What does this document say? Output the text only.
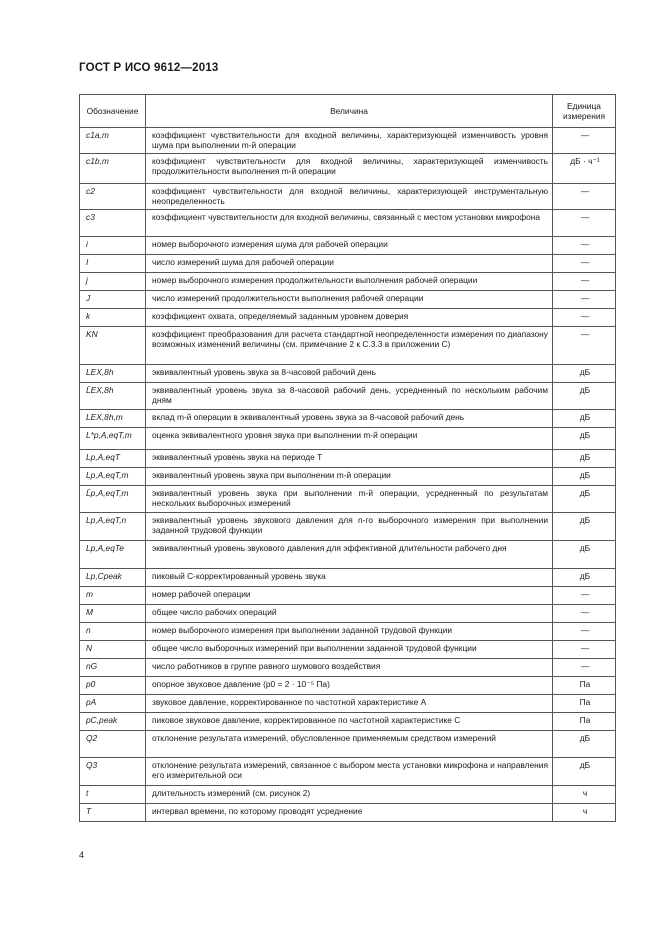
ГОСТ Р ИСО 9612—2013
Обозначение	Величина	Единица измерения
c1a,m	коэффициент чувствительности для входной величины, характеризующей изменчивость уровня шума при выполнении m-й операции	—
c1b,m	коэффициент чувствительности для входной величины, характеризующей изменчивость продолжительности выполнения m-й операции	дБ · ч⁻¹
c2	коэффициент чувствительности для входной величины, характеризующей инструментальную неопределенность	—
c3	коэффициент чувствительности для входной величины, связанный с местом установки микрофона	—
i	номер выборочного измерения шума для рабочей операции	—
I	число измерений шума для рабочей операции	—
j	номер выборочного измерения продолжительности выполнения рабочей операции	—
J	число измерений продолжительности выполнения рабочей операции	—
k	коэффициент охвата, определяемый заданным уровнем доверия	—
KN	коэффициент преобразования для расчета стандартной неопределенности измерения по диапазону возможных изменений величины (см. примечание 2 к С.3.3 в приложении С)	—
LEX,8h	эквивалентный уровень звука за 8-часовой рабочий день	дБ
L̄EX,8h	эквивалентный уровень звука за 8-часовой рабочий день, усредненный по нескольким рабочим дням	дБ
LEX,8h,m	вклад m-й операции в эквивалентный уровень звука за 8-часовой рабочий день	дБ
L*p,A,eqT,m	оценка эквивалентного уровня звука при выполнении m-й операции	дБ
Lp,A,eqT	эквивалентный уровень звука на периоде T	дБ
Lp,A,eqT,m	эквивалентный уровень звука при выполнении m-й операции	дБ
L̄p,A,eqT,m	эквивалентный уровень звука при выполнении m-й операции, усредненный по результатам нескольких выборочных измерений	дБ
Lp,A,eqT,n	эквивалентный уровень звукового давления для n-го выборочного измерения при выполнении заданной трудовой функции	дБ
Lp,A,eqTe	эквивалентный уровень звукового давления для эффективной длительности рабочего дня	дБ
Lp,Cpeak	пиковый С-корректированный уровень звука	дБ
m	номер рабочей операции	—
M	общее число рабочих операций	—
n	номер выборочного измерения при выполнении заданной трудовой функции	—
N	общее число выборочных измерений при выполнении заданной трудовой функции	—
nG	число работников в группе равного шумового воздействия	—
p0	опорное звуковое давление (p0 = 2 · 10⁻⁵ Па)	Па
pA	звуковое давление, корректированное по частотной характеристике A	Па
pC,peak	пиковое звуковое давление, корректированное по частотной характеристике C	Па
Q2	отклонение результата измерений, обусловленное применяемым средством измерений	дБ
Q3	отклонение результата измерений, связанное с выбором места установки микрофона и направления его измерительной оси	дБ
t	длительность измерений (см. рисунок 2)	ч
T	интервал времени, по которому проводят усреднение	ч
4
